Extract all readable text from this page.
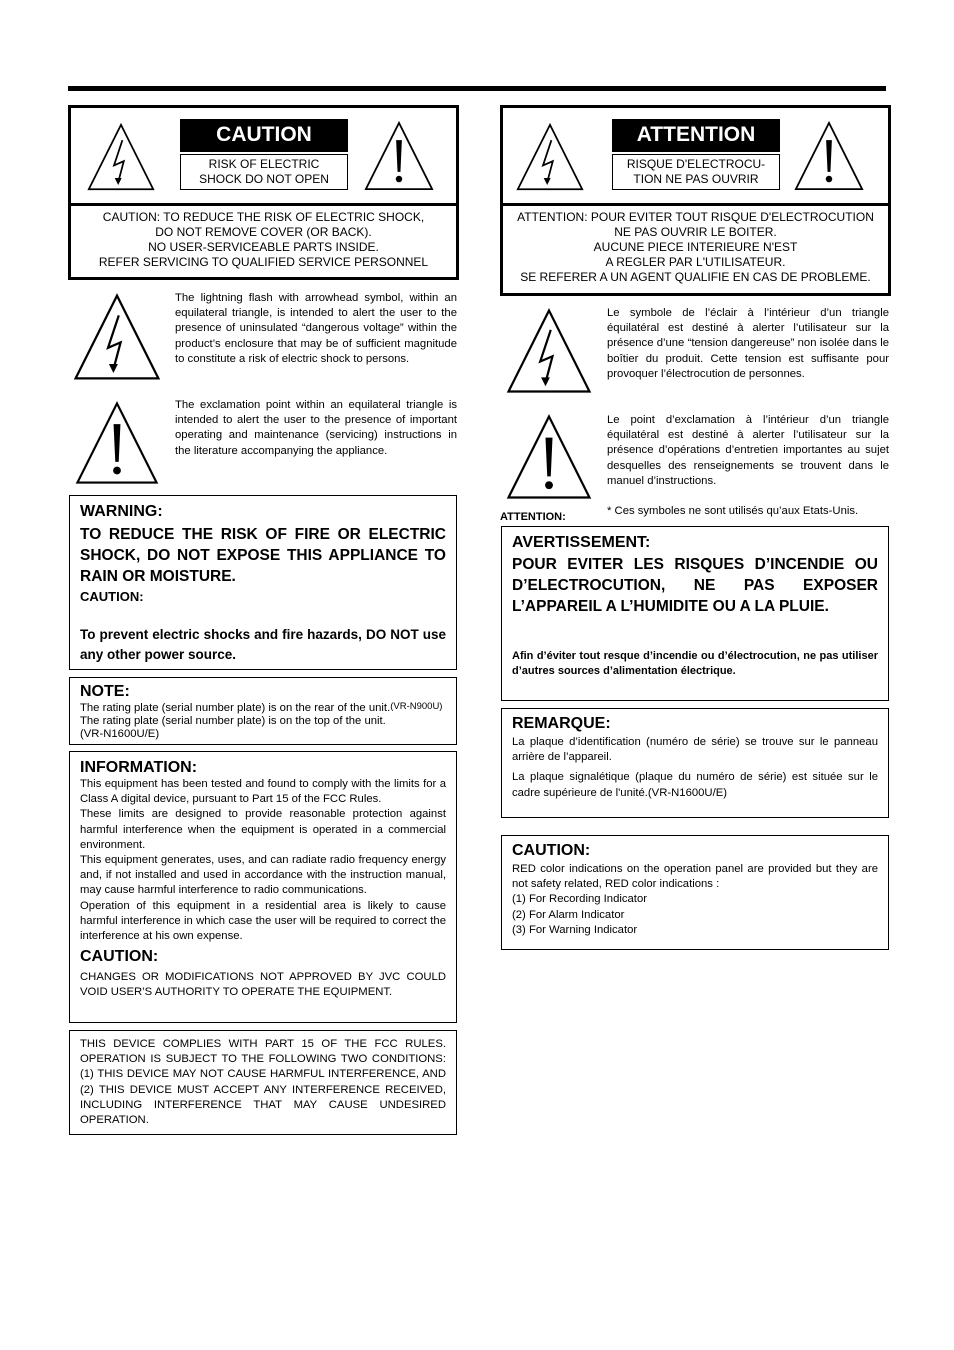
CAUTION
RISK OF ELECTRIC
SHOCK DO NOT OPEN
CAUTION: TO REDUCE THE RISK OF ELECTRIC SHOCK,
DO NOT REMOVE COVER (OR BACK).
NO USER-SERVICEABLE PARTS INSIDE.
REFER SERVICING TO QUALIFIED SERVICE PERSONNEL
ATTENTION
RISQUE D'ELECTROCU-
TION NE PAS OUVRIR
ATTENTION: POUR EVITER TOUT RISQUE D'ELECTROCUTION
NE PAS OUVRIR LE BOITER.
AUCUNE PIECE INTERIEURE N'EST
A REGLER PAR L'UTILISATEUR.
SE REFERER A UN AGENT QUALIFIE EN CAS DE PROBLEME.
The lightning flash with arrowhead symbol, within an equilateral triangle, is intended to alert the user to the presence of uninsulated “dangerous voltage” within the product’s enclosure that may be of sufficient magnitude to constitute a risk of electric shock to persons.
The exclamation point within an equilateral triangle is intended to alert the user to the presence of important operating and maintenance (servicing) instructions in the literature accompanying the appliance.
Le symbole de l’éclair à l’intérieur d’un triangle équilatéral est destiné à alerter l’utilisateur sur la présence d’une “tension dangereuse” non isolée dans le boîtier du produit. Cette tension est suffisante pour provoquer l’électrocution de personnes.
Le point d’exclamation à l’intérieur d’un triangle équilatéral est destiné à alerter l’utilisateur sur la présence d’opérations d’entretien importantes au sujet desquelles des renseignements se trouvent dans le manuel d’instructions.
ATTENTION:	* Ces symboles ne sont utilisés qu’aux Etats-Unis.
WARNING:
TO REDUCE THE RISK OF FIRE OR ELECTRIC SHOCK, DO NOT EXPOSE THIS APPLIANCE TO RAIN OR MOISTURE.
CAUTION:
To prevent electric shocks and fire hazards, DO NOT use any other power source.
NOTE:
The rating plate (serial number plate) is on the rear of the unit.(VR-N900U)
The rating plate (serial number plate) is on the top of the unit.
(VR-N1600U/E)
INFORMATION:
This equipment has been tested and found to comply with the limits for a Class A digital device, pursuant to Part 15 of the FCC Rules.
These limits are designed to provide reasonable protection against harmful interference when the equipment is operated in a commercial environment.
This equipment generates, uses, and can radiate radio frequency energy and, if not installed and used in accordance with the instruction manual, may cause harmful interference to radio communications.
Operation of this equipment in a residential area is likely to cause harmful interference in which case the user will be required to correct the interference at his own expense.
CAUTION:
CHANGES OR MODIFICATIONS NOT APPROVED BY JVC COULD VOID USER’S AUTHORITY TO OPERATE THE EQUIPMENT.
THIS DEVICE COMPLIES WITH PART 15 OF THE FCC RULES. OPERATION IS SUBJECT TO THE FOLLOWING TWO CONDITIONS: (1) THIS DEVICE MAY NOT CAUSE HARMFUL INTERFERENCE, AND (2) THIS DEVICE MUST ACCEPT ANY INTERFERENCE RECEIVED, INCLUDING INTERFERENCE THAT MAY CAUSE UNDESIRED OPERATION.
AVERTISSEMENT:
POUR EVITER LES RISQUES D’INCENDIE OU D’ELECTROCUTION, NE PAS EXPOSER L’APPAREIL A L’HUMIDITE OU A LA PLUIE.
Afin d’éviter tout resque d’incendie ou d’électrocution, ne pas utiliser d’autres sources d’alimentation électrique.
REMARQUE:
La plaque d’identification (numéro de série) se trouve sur le panneau arrière de l’appareil.
La plaque signalétique (plaque du numéro de série) est située sur le cadre supérieure de l'unité.(VR-N1600U/E)
CAUTION:
RED color indications on the operation panel are provided but they are not safety related, RED color indications :
(1) For Recording Indicator
(2) For Alarm Indicator
(3) For Warning Indicator
